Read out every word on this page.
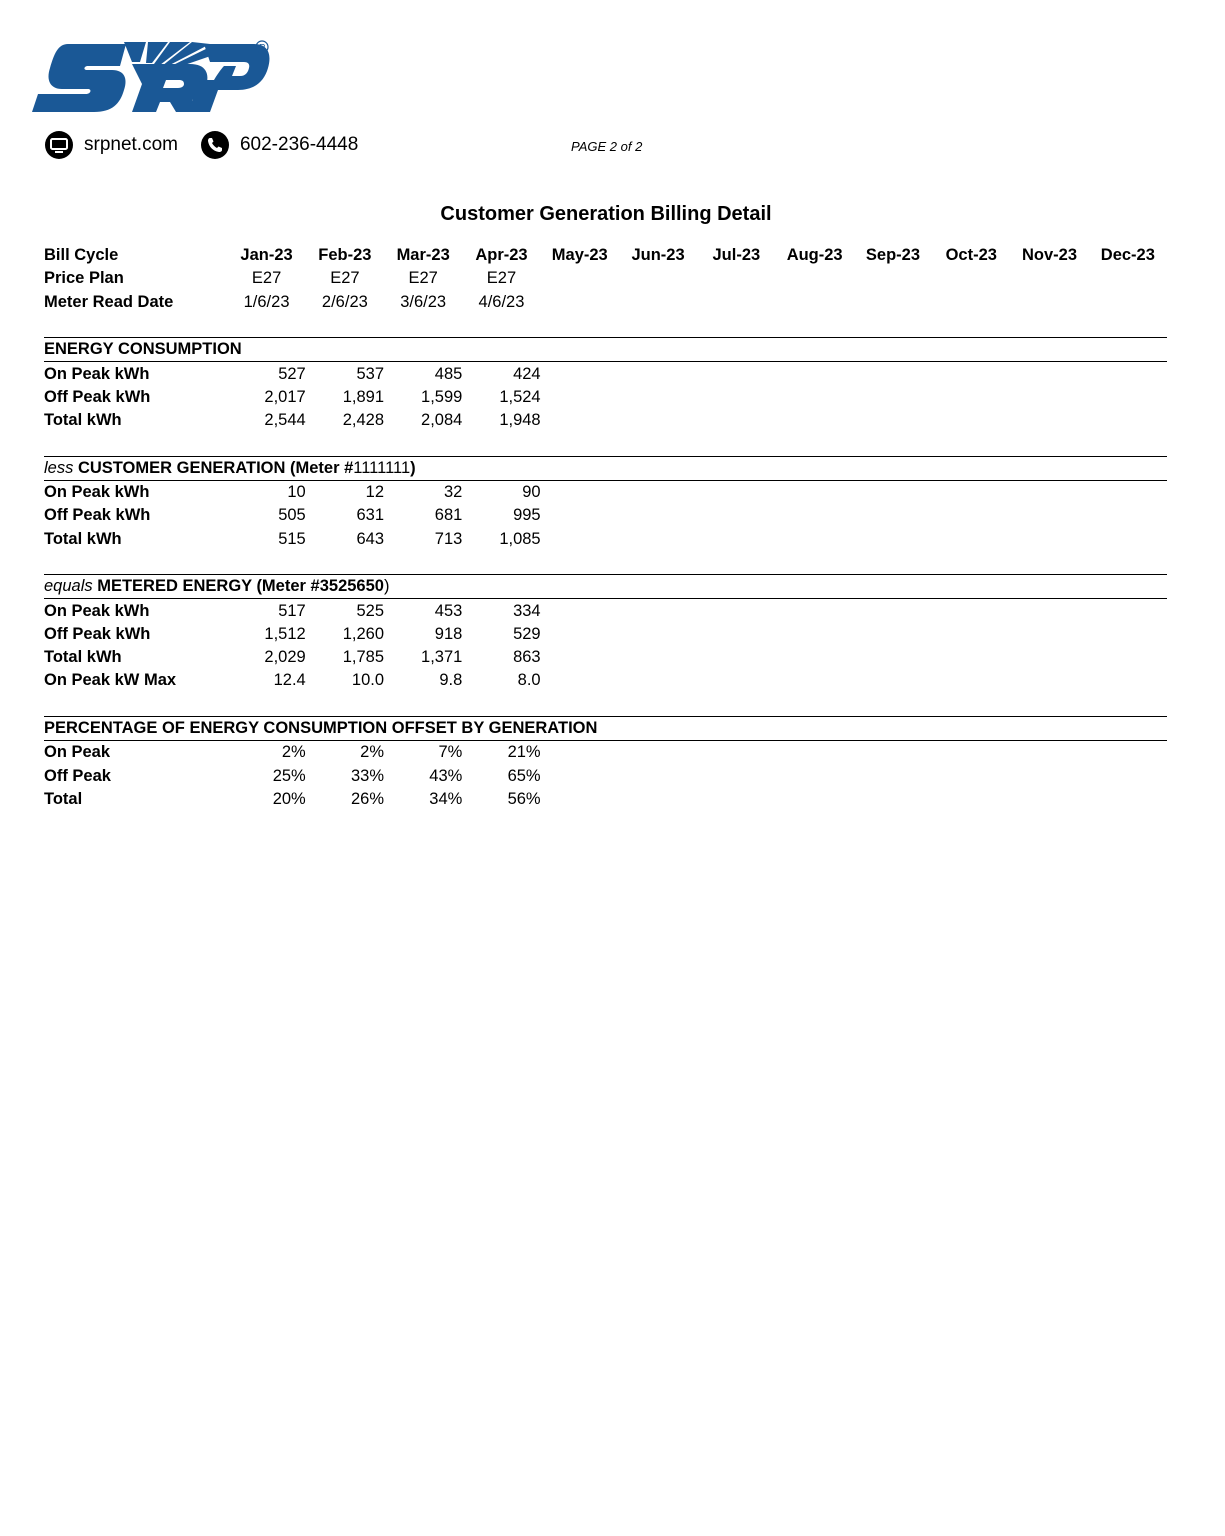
R
srpnet.com	602-236-4448	PAGE 2 of 2
Customer Generation Billing Detail
Bill Cycle	Jan-23	Feb-23	Mar-23	Apr-23	May-23	Jun-23	Jul-23	Aug-23	Sep-23	Oct-23	Nov-23	Dec-23
Price Plan	E27	E27	E27	E27								
Meter Read Date	1/6/23	2/6/23	3/6/23	4/6/23								

ENERGY CONSUMPTION												
On Peak kWh	527	537	485	424								
Off Peak kWh	2,017	1,891	1,599	1,524								
Total kWh	2,544	2,428	2,084	1,948								

less CUSTOMER GENERATION (Meter #1111111)												
On Peak kWh	10	12	32	90								
Off Peak kWh	505	631	681	995								
Total kWh	515	643	713	1,085								

equals METERED ENERGY (Meter #3525650)												
On Peak kWh	517	525	453	334								
Off Peak kWh	1,512	1,260	918	529								
Total kWh	2,029	1,785	1,371	863								
On Peak kW Max	12.4	10.0	9.8	8.0								

PERCENTAGE OF ENERGY CONSUMPTION OFFSET BY GENERATION												
On Peak	2%	2%	7%	21%								
Off Peak	25%	33%	43%	65%								
Total	20%	26%	34%	56%								
